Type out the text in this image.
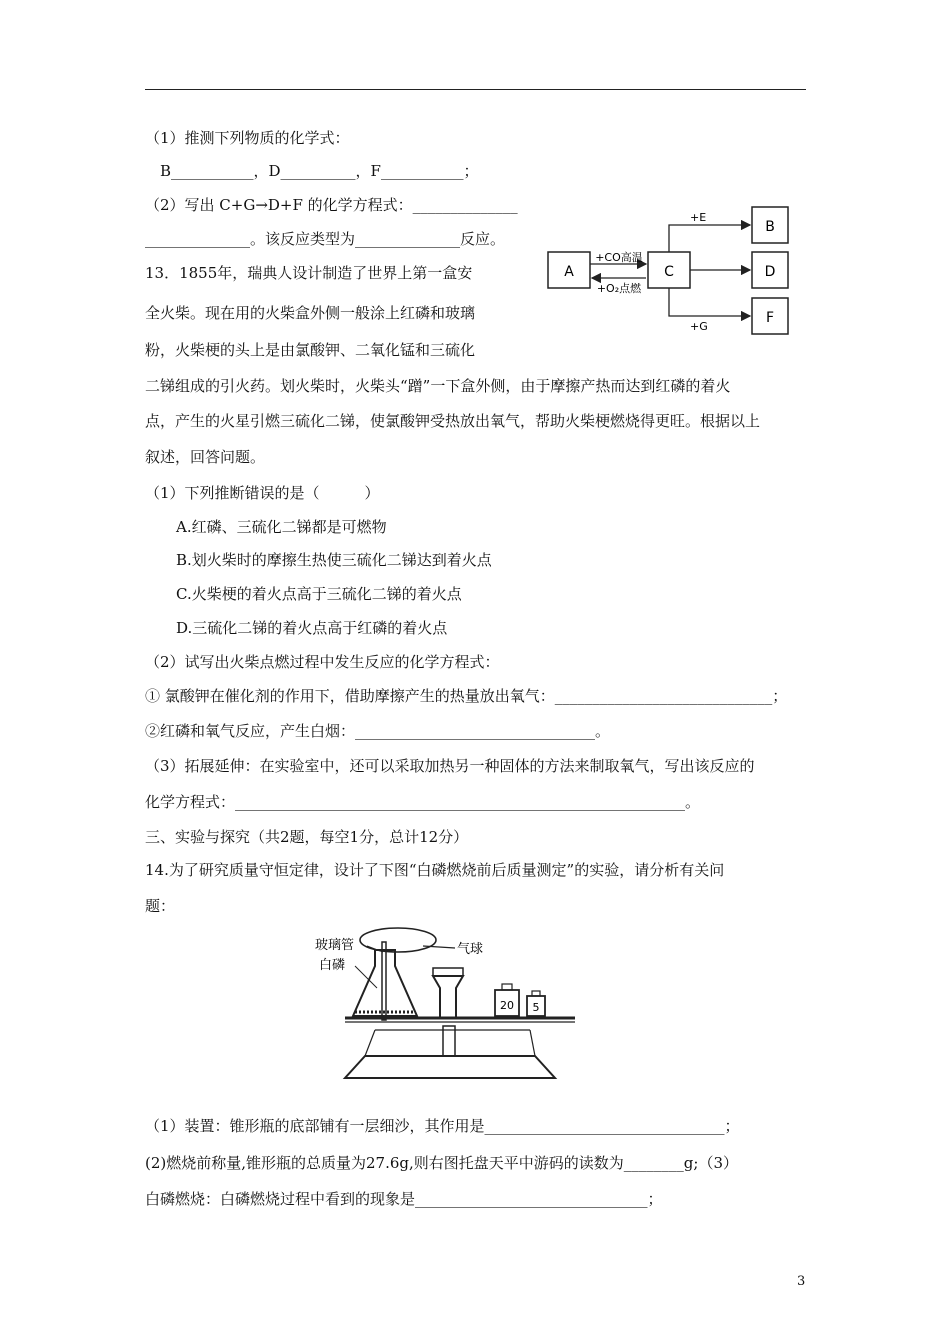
（1）推测下列物质的化学式：
B___________，D__________，F___________；
（2）写出 C+G→D+F 的化学方程式：______________
______________。该反应类型为______________反应。
A	C
+CO高温
+O₂点燃
B
D
F
+E
+G
13．1855年，瑞典人设计制造了世界上第一盒安
全火柴。现在用的火柴盒外侧一般涂上红磷和玻璃
粉，火柴梗的头上是由氯酸钾、二氧化锰和三硫化
二锑组成的引火药。划火柴时，火柴头“蹭”一下盒外侧，由于摩擦产热而达到红磷的着火
点，产生的火星引燃三硫化二锑，使氯酸钾受热放出氧气，帮助火柴梗燃烧得更旺。根据以上
叙述，回答问题。
（1）下列推断错误的是（　　　）
A.红磷、三硫化二锑都是可燃物
B.划火柴时的摩擦生热使三硫化二锑达到着火点
C.火柴梗的着火点高于三硫化二锑的着火点
D.三硫化二锑的着火点高于红磷的着火点
（2）试写出火柴点燃过程中发生反应的化学方程式：
① 氯酸钾在催化剂的作用下，借助摩擦产生的热量放出氧气：_____________________________；
②红磷和氧气反应，产生白烟：________________________________。
（3）拓展延伸：在实验室中，还可以采取加热另一种固体的方法来制取氧气，写出该反应的
化学方程式：____________________________________________________________。
三、实验与探究（共2题，每空1分，总计12分）
14.为了研究质量守恒定律，设计了下图“白磷燃烧前后质量测定”的实验，请分析有关问
题：
气球
玻璃管
白磷
20 5
（1）装置：锥形瓶的底部铺有一层细沙，其作用是________________________________；
(2)燃烧前称量,锥形瓶的总质量为27.6g,则右图托盘天平中游码的读数为________g;（3）
白磷燃烧：白磷燃烧过程中看到的现象是_______________________________；
3
